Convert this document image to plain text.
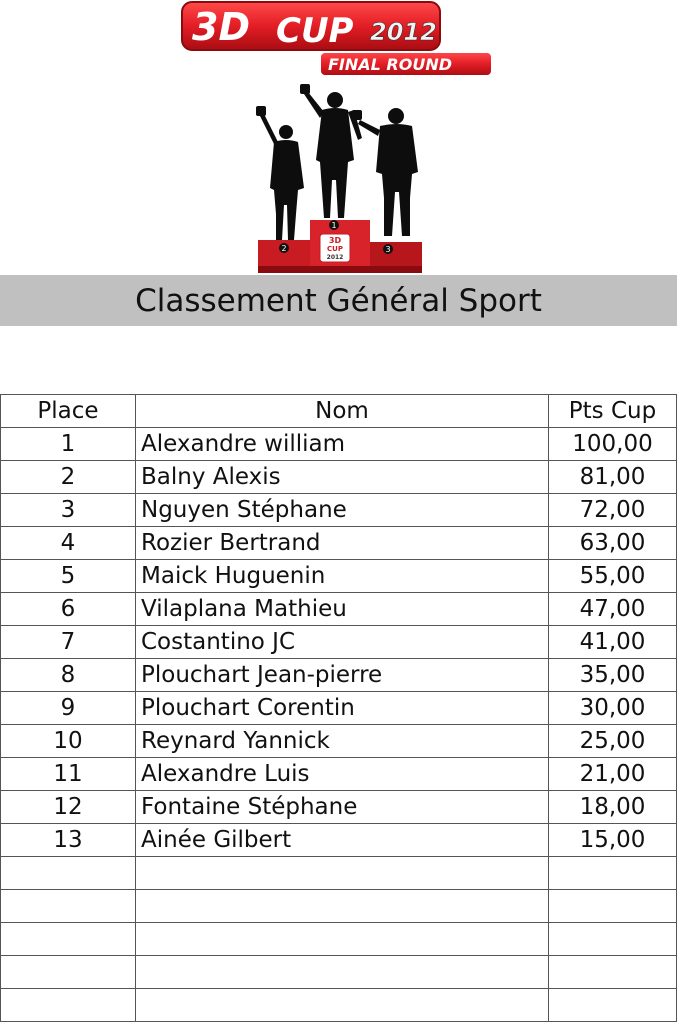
3D CUP 2012
FINAL ROUND
2
1
3
3D
CUP
2012
Classement Général Sport
Place	Nom	Pts Cup
1	Alexandre william	100,00
2	Balny Alexis	81,00
3	Nguyen Stéphane	72,00
4	Rozier Bertrand	63,00
5	Maick Huguenin	55,00
6	Vilaplana Mathieu	47,00
7	Costantino JC	41,00
8	Plouchart Jean-pierre	35,00
9	Plouchart Corentin	30,00
10	Reynard Yannick	25,00
11	Alexandre Luis	21,00
12	Fontaine Stéphane	18,00
13	Ainée Gilbert	15,00
